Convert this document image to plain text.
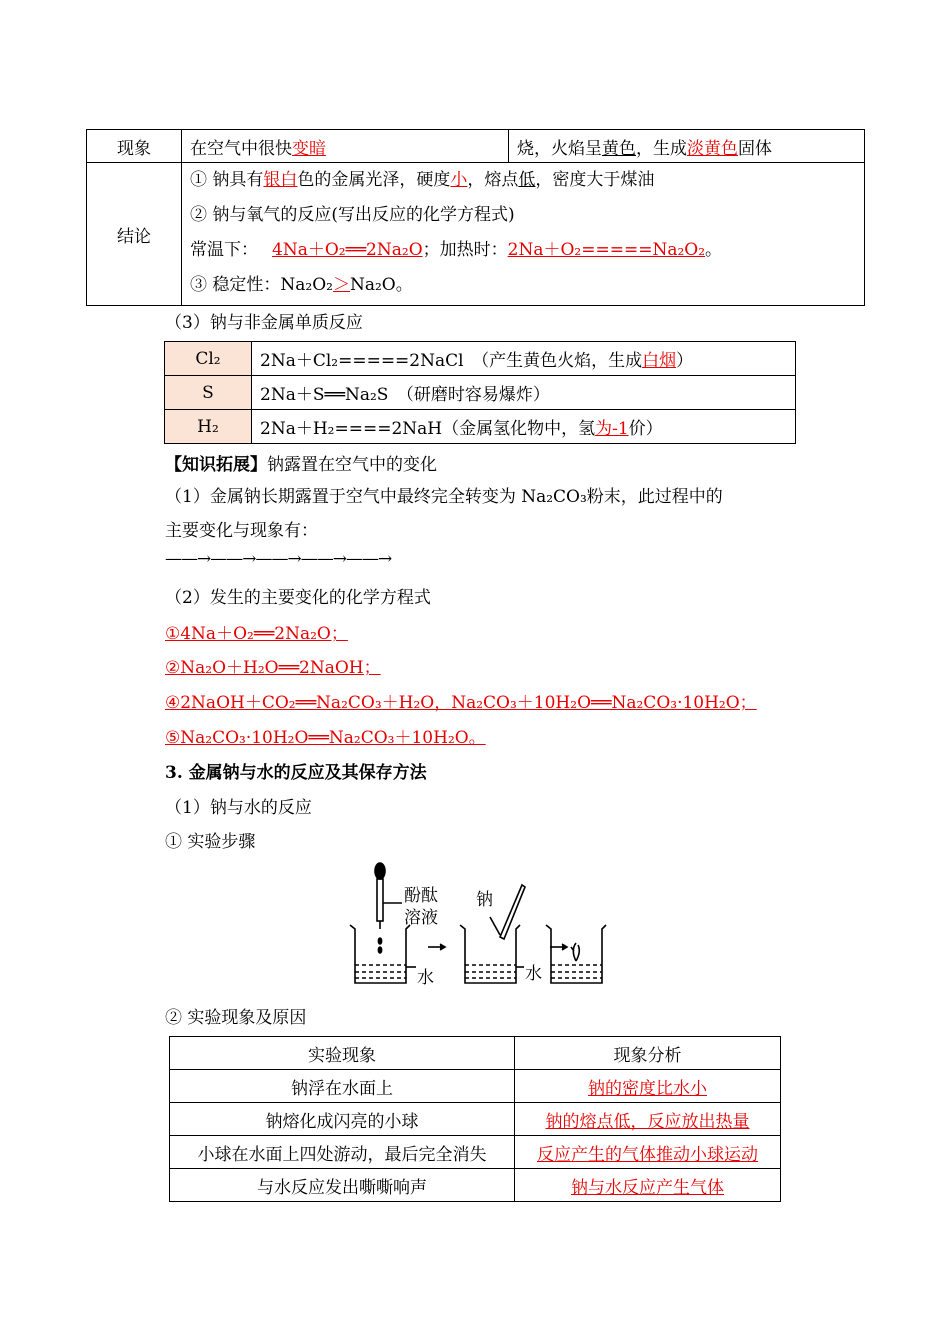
现象	在空气中很快变暗	烧，火焰呈黄色，生成淡黄色固体
结论	① 钠具有银白色的金属光泽，硬度小，熔点低，密度大于煤油
② 钠与氧气的反应(写出反应的化学方程式)
常温下： 4Na＋O₂══2Na₂O；加热时：2Na＋O₂=====Na₂O₂。
③ 稳定性：Na₂O₂＞Na₂O。	
（3）钠与非金属单质反应
Cl₂	2Na＋Cl₂=====2NaCl　 （产生黄色火焰，生成白烟）
S	2Na＋S══Na₂S　 （研磨时容易爆炸）
H₂	2Na＋H₂====2NaH（金属氢化物中，氢为-1价）
【知识拓展】钠露置在空气中的变化
（1）金属钠长期露置于空气中最终完全转变为 Na₂CO₃粉末，此过程中的
主要变化与现象有：
——→——→——→——→——→
（2）发生的主要变化的化学方程式
①4Na＋O₂══2Na₂O；
②Na₂O＋H₂O══2NaOH；
④2NaOH＋CO₂══Na₂CO₃＋H₂O，Na₂CO₃＋10H₂O══Na₂CO₃·10H₂O；
⑤Na₂CO₃·10H₂O══Na₂CO₃＋10H₂O。
3. 金属钠与水的反应及其保存方法
（1）钠与水的反应
① 实验步骤
酚酞
溶液
钠
水	水
② 实验现象及原因
实验现象	现象分析
钠浮在水面上	钠的密度比水小
钠熔化成闪亮的小球	钠的熔点低，反应放出热量
小球在水面上四处游动，最后完全消失	反应产生的气体推动小球运动
与水反应发出嘶嘶响声	钠与水反应产生气体
